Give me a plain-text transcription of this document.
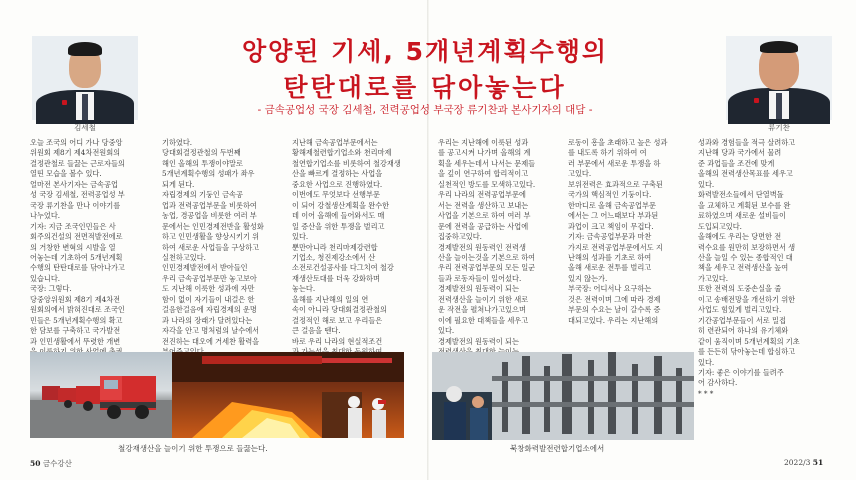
앙양된 기세, 5개년계획수행의
탄탄대로를 닦아놓는다
- 금속공업성 국장 김세철, 전력공업성 부국장 류기찬과 본사기자의 대담 -
김세철	류기찬
오늘 조국의 어디 가나 당중앙
위원회 제8기 제4차전원회의
결정관철로 들끓는 근로자들의
열띤 모습을 볼수 있다.
얼마전 본사기자는 금속공업
성 국장 김세철, 전력공업성 부
국장 류기찬을 만나 이야기를
나누었다.
기자: 지금 조국인민들은 사
회주의건설의 전면적발전에로
의 거창한 변혁의 시발을 열
어놓는데 기초하여 5개년계획
수행의 탄탄대로를 닦아나가고
있습니다.
국장: 그렇다.
당중앙위원회 제8기 제4차전
원회의에서 밝혀진대로 조국인
민들은 5개년계획수행의 확고
한 담보를 구축하고 국가발전
과 인민생활에서 뚜렷한 개변

기하였다.
당대회결정관철의 두번째
해인 올해의 투쟁이야말로
5개년계획수행의 성패가 좌우
되게 된다.
자립경제의 기둥인 금속공
업과 전력공업부문을 비롯하여
농업, 경공업을 비롯한 여러 부
문에서는 인민경제전반을 활성화
하고 인민생활을 향상시키기 위
하여 새로운 사업들을 구상하고
실천하고있다.
인민경제발전에서 받아들인
우리 금속공업부문만 놓고보아
도 지난해 이룩한 성과에 자만
함이 없이 자기들이 내걸은 한
걸음한걸음에 자립경제의 운명
과 나라의 장래가 달려있다는
자각을 안고 명처럼의 날수에서
전진하는 대오에 거세찬 활력을

지난해 금속공업부문에서는
황해제철련합기업소와 천리마제
철연합기업소를 비롯하여 철강재생
산을 빠르게 결정하는 사업을
중요한 사업으로 진행하였다.
이번에도 무엇보다 선행부문
이 되어 강철생산계획을 완수한
데 이어 올해에 들어와서도 매
일 증산을 위한 투쟁을 벌리고
있다.
뿐만아니라 천리마제강련합
기업소, 청진제강소에서 산
소전로건설공사를 다그치여 철강
재생산토대를 더욱 강화하며
놓는다.
올해를 지난해의 일의 연
속이 아니라 당대회결정관철의
결정적인 해로 보고 우리들은
큰 걸음을 뗀다.
바로 우리 나라의 현실적조건

우리는 지난해에 이룩된 성과
를 공고시켜 나가며 올해의 계
획을 세우는데서 나서는 문제들
을 깊이 연구하여 합리적이고
실천적인 방도를 모색하고있다.
우리 나라의 전력공업부문에
서는 전력을 생산하고 보내는
사업을 기본으로 하여 여러 부
문에 전력을 공급하는 사업에
집중하고있다.
경제발전의 원동력인 전력생
산을 늘이는것을 기본으로 하여
우리 전력공업부문의 모든 일군
들과 로동자들이 일어섰다.
경제발전의 원동력이 되는
전력생산을 늘이기 위한 새로
운 작전을 펼쳐나가고있으며
이에 필요한 대책들을 세우고
있다.
경제발전의 원동력이 되는

로동이 흥을 초래하고 높은 성과
를 내도록 하기 위하여 여
러 부문에서 새로운 투쟁을 하
고있다.
보위전력은 효과적으로 구축된
국가의 핵심적인 기둥이다.
한마디로 올해 금속공업부문
에서는 그 어느때보다 부과된
과업이 크고 책임이 무겁다.
기자: 금속공업부문과 마찬
가지로 전력공업부문에서도 지
난해의 성과를 기초로 하여
올해 새로운 전투를 벌리고
있지 않는가.
부국장: 어디서나 요구하는
것은 전력이며 그에 따라 경제
부문의 수요는 날이 갈수록 증
대되고있다. 우리는 지난해의
성과와 경험들을 적극 살려하고
지난해 당과 국가에서 물려
준 과업들을 조건에 맞게
올해의 전력생산목표를 세우고
있다.
화력발전소들에서 단열벽돌
을 교체하고 계획된 보수를 완
료하였으며 새로운 설비들이
도입되고있다.
올해에도 우리는 당면한 전
력수요를 원만히 보장하면서 생
산을 늘일 수 있는 종합적인 대
책을 세우고 전력생산을 높여
가고있다.
또한 전력의 도중손실을 줄
이고 송배전망을 개선하기 위한
사업도 힘있게 벌리고있다.
기간공업부문들이 서로 밀접
히 련관되어 하나의 유기체와
같이 움직이며 5개년계획의 기초
를 든든히 닦아놓는데 합심하고
있다.
기자: 좋은 이야기를 들려주
어 감사하다.
* * *
철강재생산을 늘이기 위한 투쟁으로 들끓는다.	북창화력발전련합기업소에서
50 금수강산	2022/3 51
